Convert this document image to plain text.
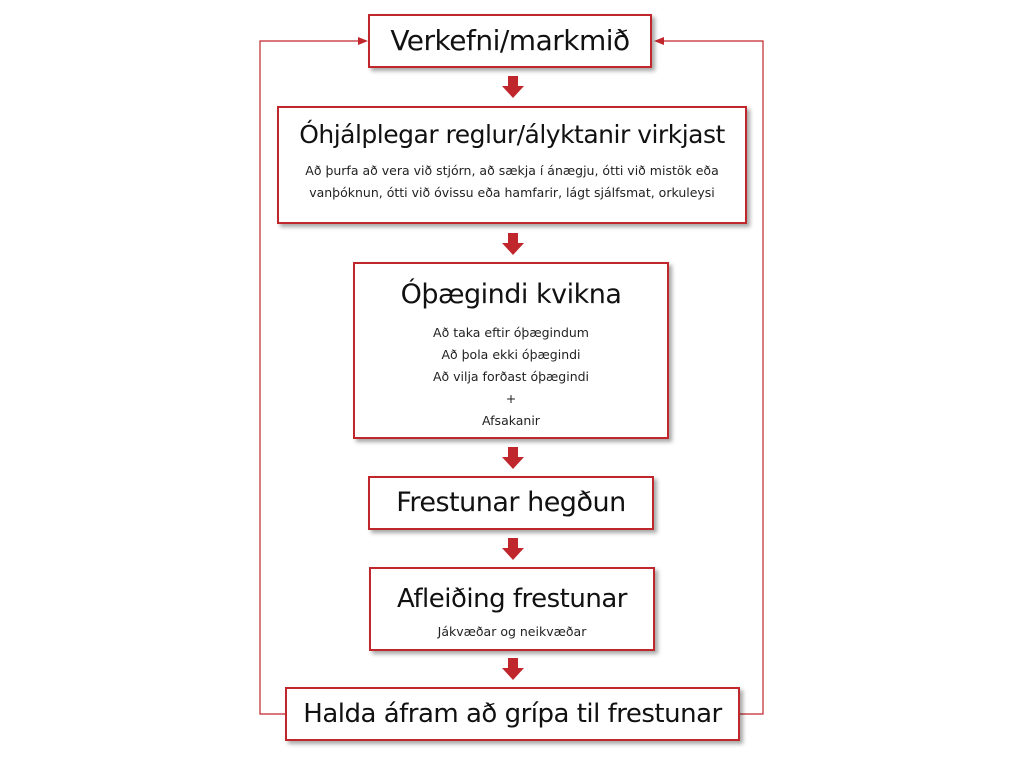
Verkefni/markmið
Óhjálplegar reglur/ályktanir virkjast
Að þurfa að vera við stjórn, að sækja í ánægju, ótti við mistök eða
vanþóknun, ótti við óvissu eða hamfarir, lágt sjálfsmat, orkuleysi
Óþægindi kvikna
Að taka eftir óþægindum
Að þola ekki óþægindi
Að vilja forðast óþægindi
+
Afsakanir
Frestunar hegðun
Afleiðing frestunar
Jákvæðar og neikvæðar
Halda áfram að grípa til frestunar
